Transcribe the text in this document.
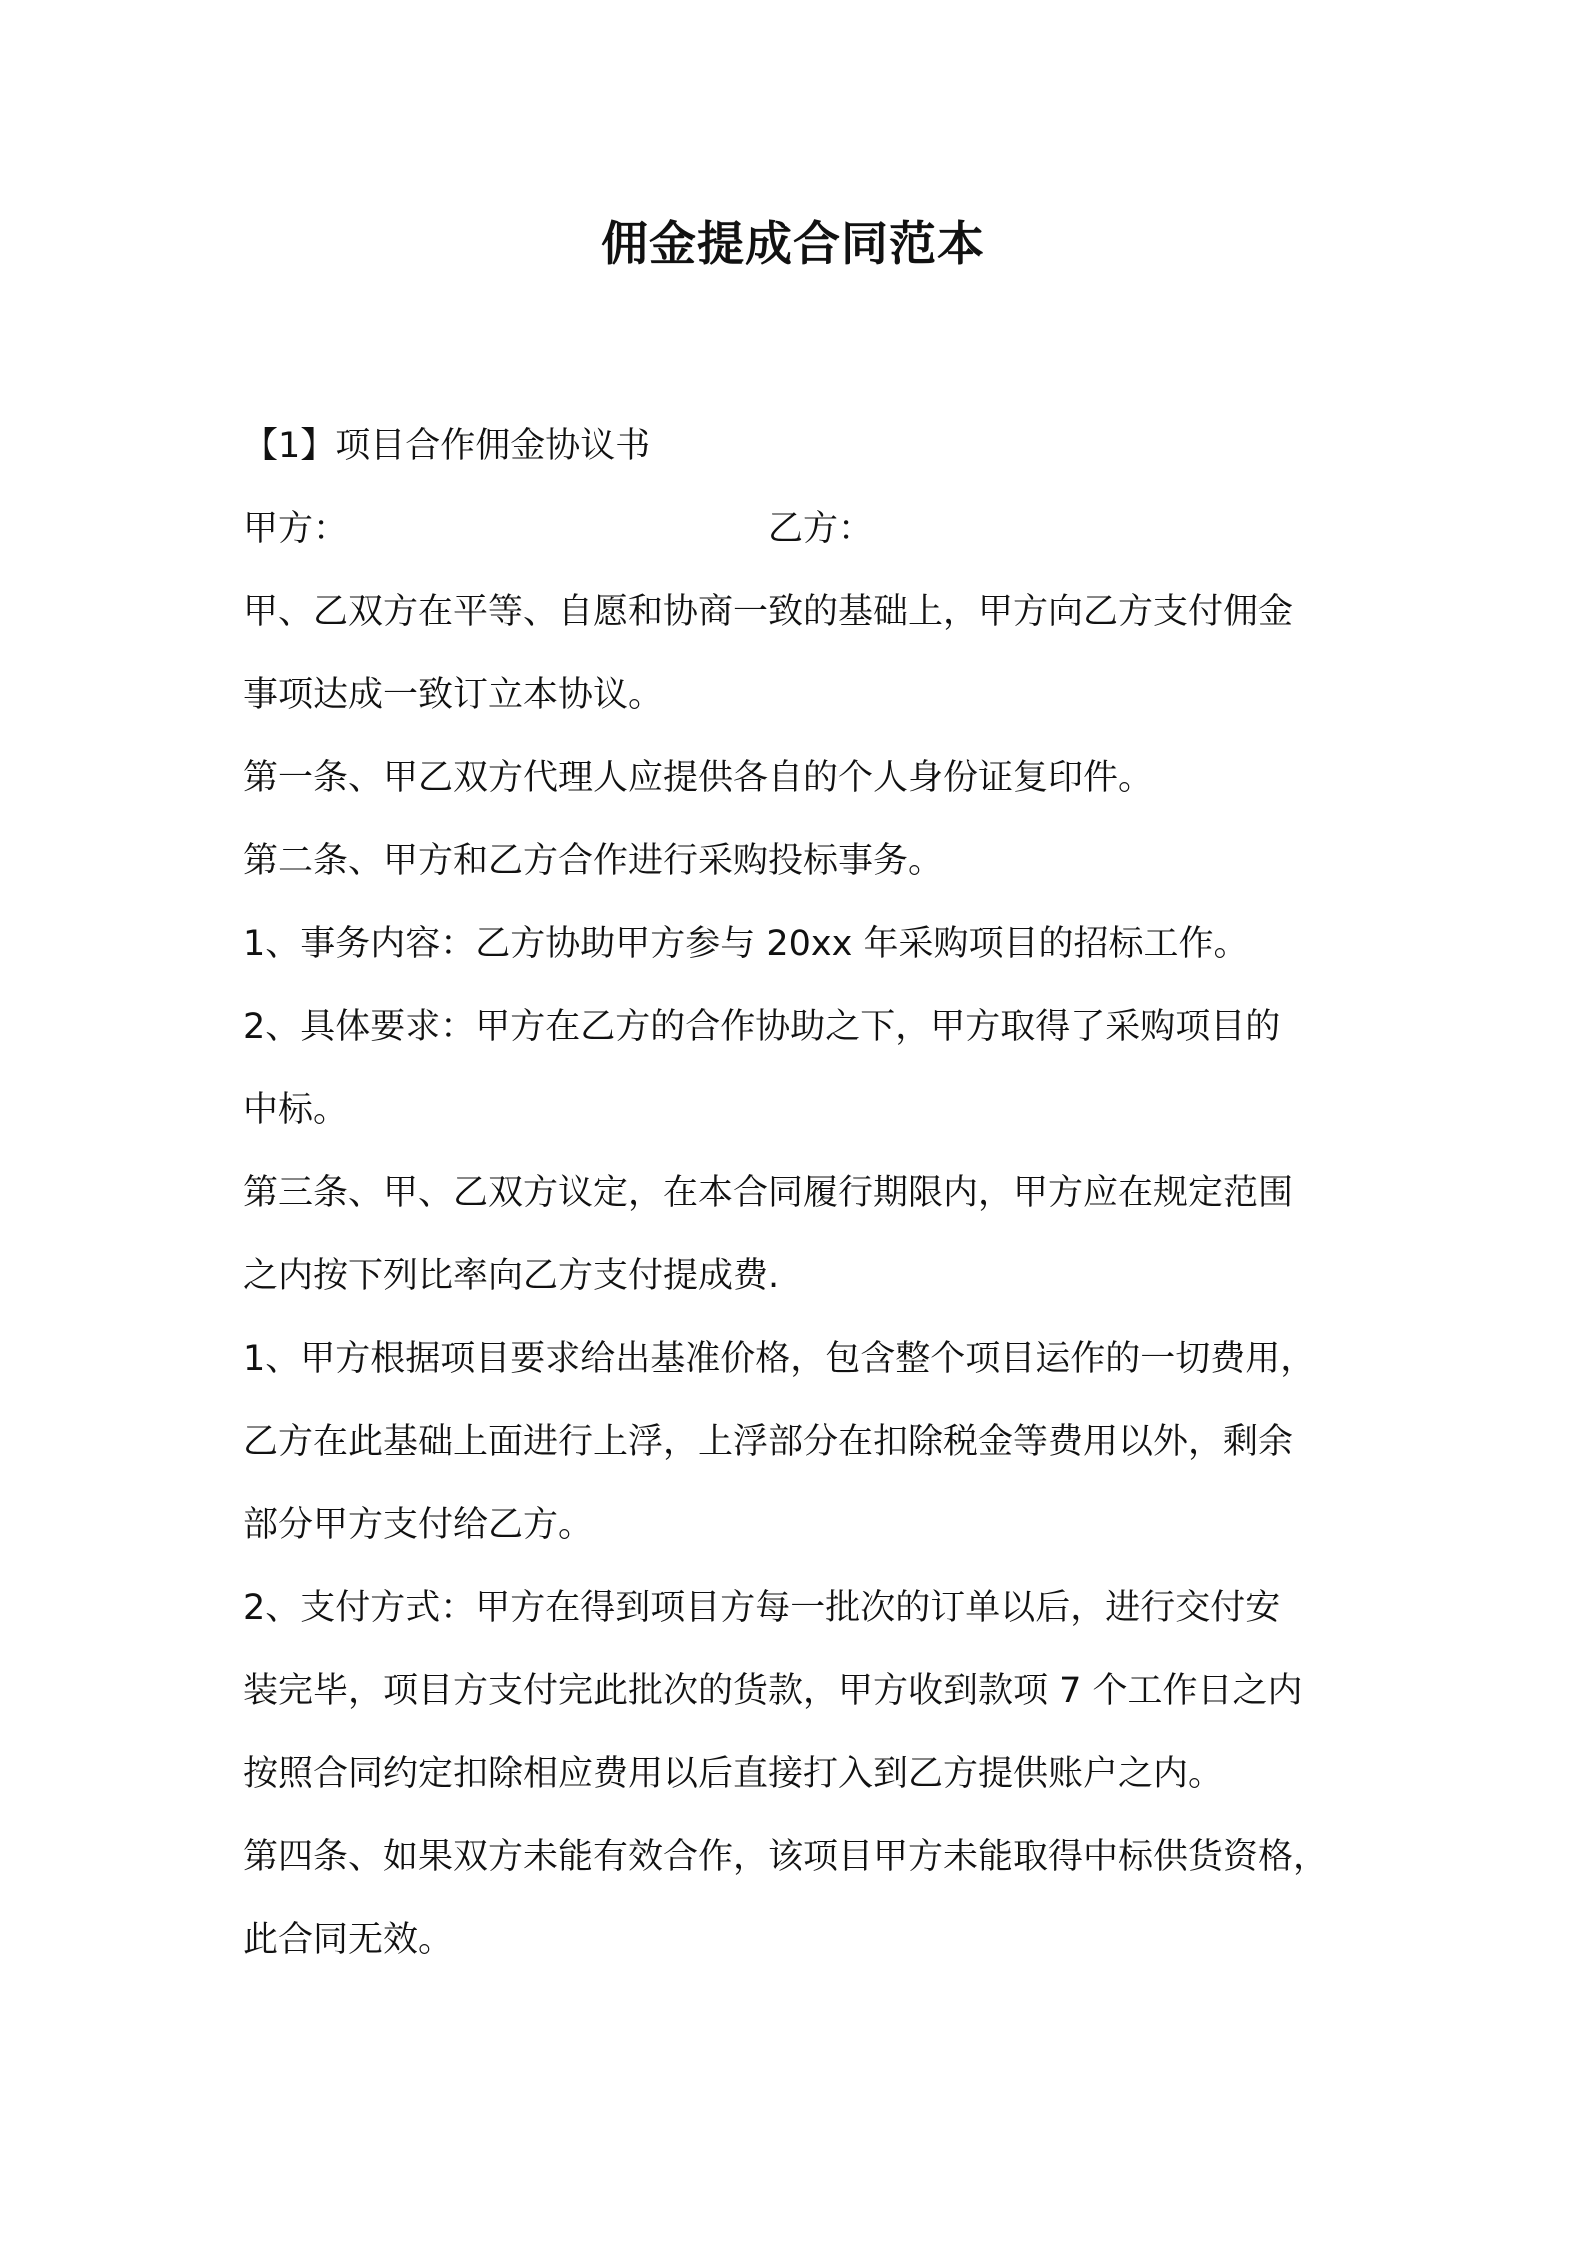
佣金提成合同范本
【1】项目合作佣金协议书
甲方：	乙方：
甲、乙双方在平等、自愿和协商一致的基础上，甲方向乙方支付佣金
事项达成一致订立本协议。
第一条、甲乙双方代理人应提供各自的个人身份证复印件。
第二条、甲方和乙方合作进行采购投标事务。
1、事务内容：乙方协助甲方参与 20xx 年采购项目的招标工作。
2、具体要求：甲方在乙方的合作协助之下，甲方取得了采购项目的
中标。
第三条、甲、乙双方议定，在本合同履行期限内，甲方应在规定范围
之内按下列比率向乙方支付提成费.
1、甲方根据项目要求给出基准价格，包含整个项目运作的一切费用，
乙方在此基础上面进行上浮，上浮部分在扣除税金等费用以外，剩余
部分甲方支付给乙方。
2、支付方式：甲方在得到项目方每一批次的订单以后，进行交付安
装完毕，项目方支付完此批次的货款，甲方收到款项 7 个工作日之内
按照合同约定扣除相应费用以后直接打入到乙方提供账户之内。
第四条、如果双方未能有效合作，该项目甲方未能取得中标供货资格，
此合同无效。
